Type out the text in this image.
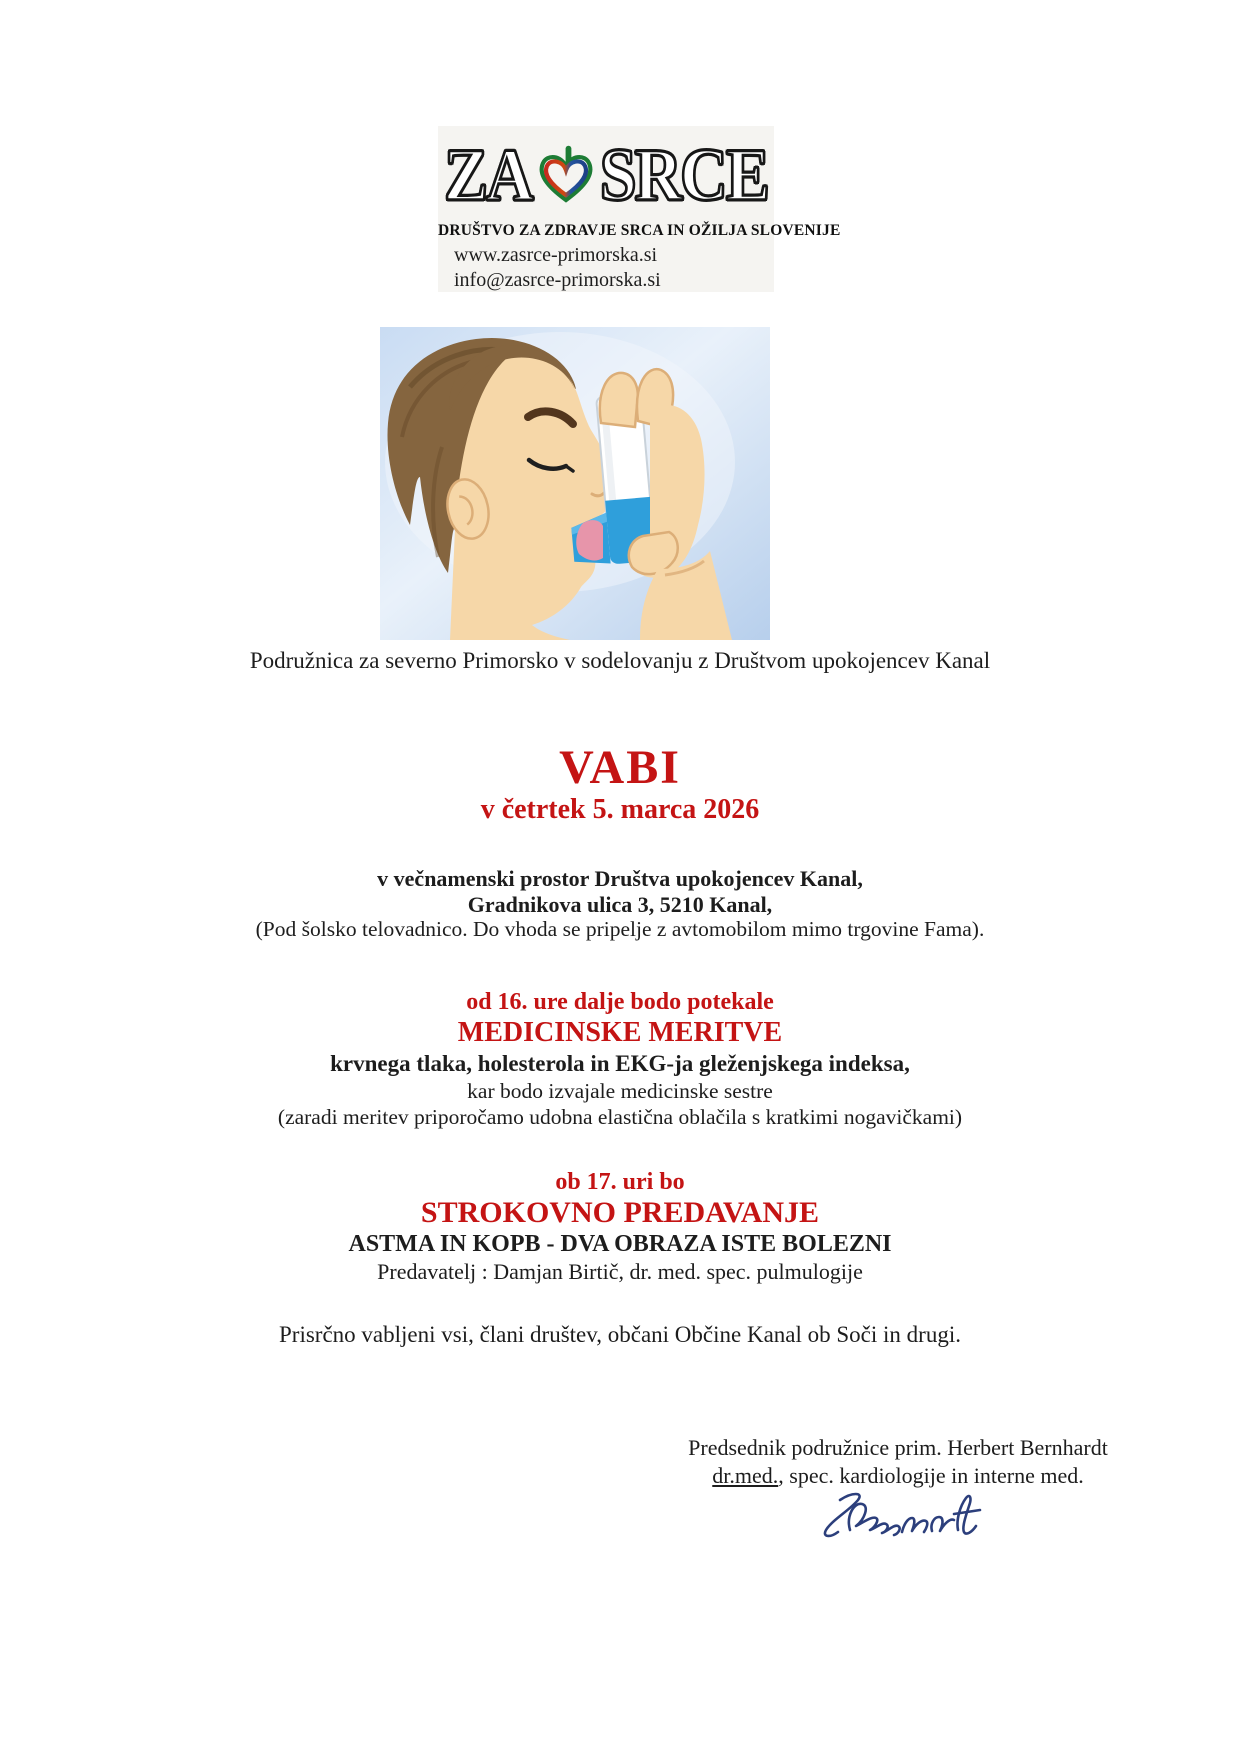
ZA SRCE
DRUŠTVO ZA ZDRAVJE SRCA IN OŽILJA SLOVENIJE
www.zasrce-primorska.si
info@zasrce-primorska.si
Podružnica za severno Primorsko v sodelovanju z Društvom upokojencev Kanal
VABI
v četrtek 5. marca 2026
v večnamenski prostor Društva upokojencev Kanal,
Gradnikova ulica 3, 5210 Kanal,
(Pod šolsko telovadnico. Do vhoda se pripelje z avtomobilom mimo trgovine Fama).
od 16. ure dalje bodo potekale
MEDICINSKE MERITVE
krvnega tlaka, holesterola in EKG-ja gleženjskega indeksa,
kar bodo izvajale medicinske sestre
(zaradi meritev priporočamo udobna elastična oblačila s kratkimi nogavičkami)
ob 17. uri bo
STROKOVNO PREDAVANJE
ASTMA IN KOPB - DVA OBRAZA ISTE BOLEZNI
Predavatelj : Damjan Birtič, dr. med. spec. pulmulogije
Prisrčno vabljeni vsi, člani društev, občani Občine Kanal ob Soči in drugi.
Predsednik podružnice prim. Herbert Bernhardt
dr.med., spec. kardiologije in interne med.
